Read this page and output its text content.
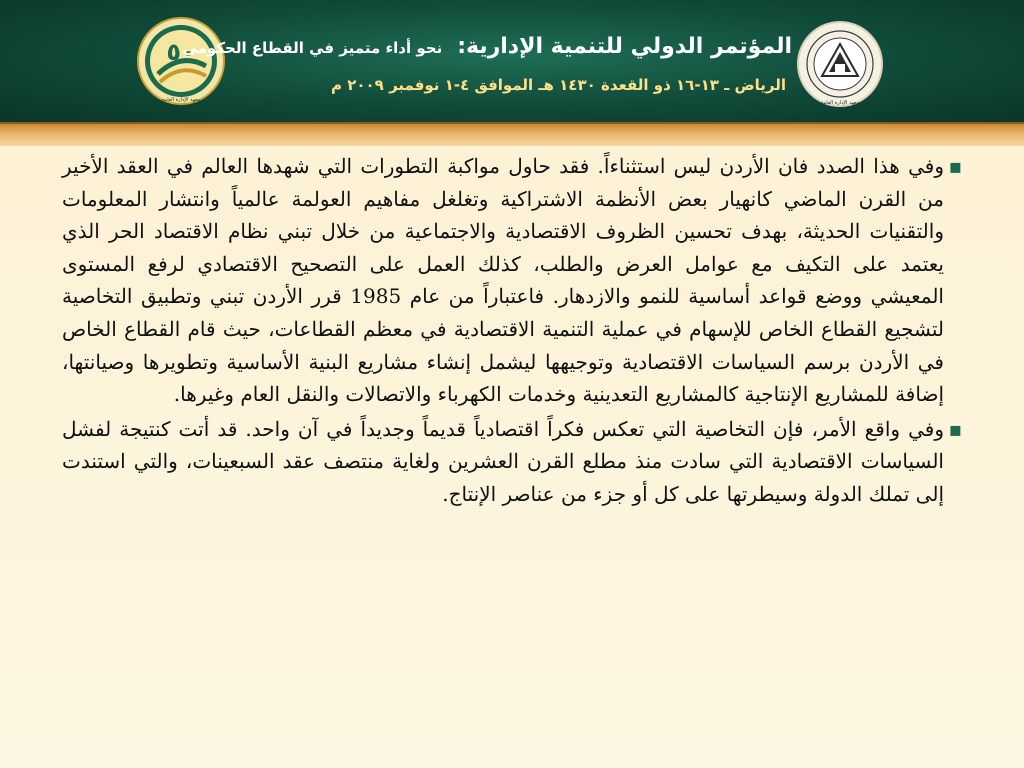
٥٠
معهد الإدارة العامة
المؤتمر الدولي للتنمية الإدارية: نحو أداء متميز في القطاع الحكومي
الرياض ـ ١٣-١٦ ذو القعدة ١٤٣٠ هـ الموافق ٤-١ نوفمبر ٢٠٠٩ م
معهد الإدارة العامة

▪
وفي هذا الصدد فان الأردن ليس استثناءاً. فقد حاول مواكبة التطورات التي شهدها العالم في العقد الأخير من القرن الماضي كانهيار بعض الأنظمة الاشتراكية وتغلغل مفاهيم العولمة عالمياً وانتشار المعلومات والتقنيات الحديثة، بهدف تحسين الظروف الاقتصادية والاجتماعية من خلال تبني نظام الاقتصاد الحر الذي يعتمد على التكيف مع عوامل العرض والطلب، كذلك العمل على التصحيح الاقتصادي لرفع المستوى المعيشي ووضع قواعد أساسية للنمو والازدهار. فاعتباراً من عام 1985 قرر الأردن تبني وتطبيق التخاصية لتشجيع القطاع الخاص للإسهام في عملية التنمية الاقتصادية في معظم القطاعات، حيث قام القطاع الخاص في الأردن برسم السياسات الاقتصادية وتوجيهها ليشمل إنشاء مشاريع البنية الأساسية وتطويرها وصيانتها، إضافة للمشاريع الإنتاجية كالمشاريع التعدينية وخدمات الكهرباء والاتصالات والنقل العام وغيرها.

▪
وفي واقع الأمر، فإن التخاصية التي تعكس فكراً اقتصادياً قديماً وجديداً في آن واحد. قد أتت كنتيجة لفشل السياسات الاقتصادية التي سادت منذ مطلع القرن العشرين ولغاية منتصف عقد السبعينات، والتي استندت إلى تملك الدولة وسيطرتها على كل أو جزء من عناصر الإنتاج.
